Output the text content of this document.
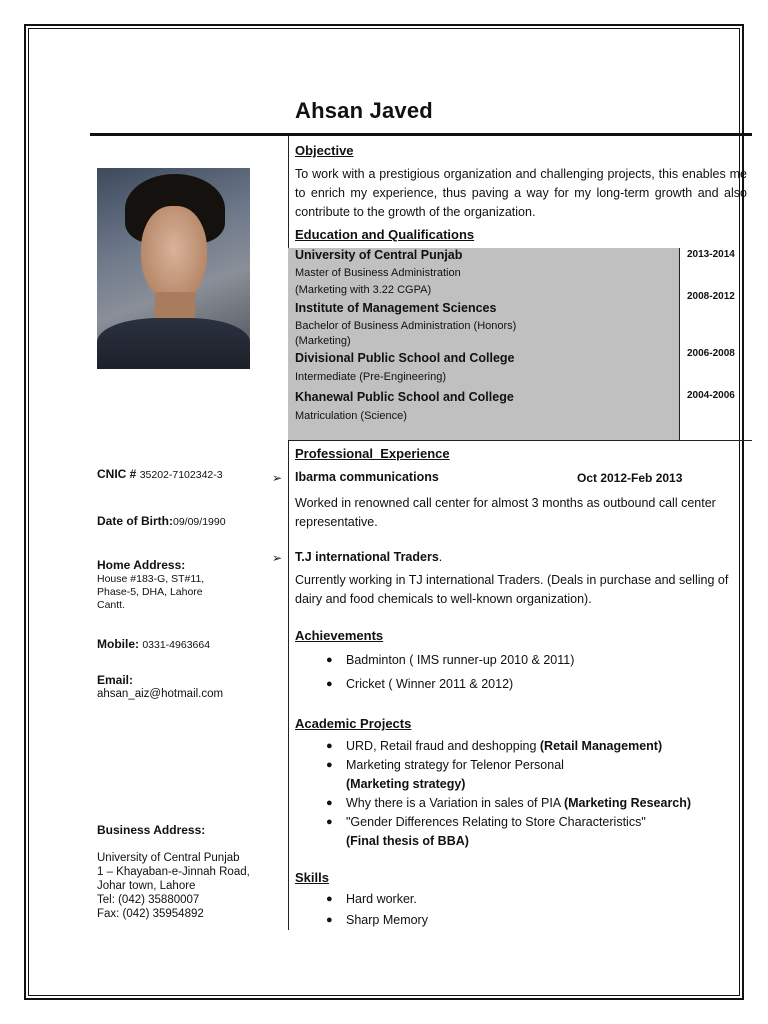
Ahsan Javed
Objective
To work with a prestigious organization and challenging projects, this enables me to enrich my experience, thus paving a way for my long-term growth and also contribute to the growth of the organization.
Education and Qualifications
University of Central Punjab
Master of Business Administration
(Marketing with 3.22 CGPA)
2013-2014
Institute of Management Sciences
Bachelor of Business Administration (Honors)
(Marketing)
2008-2012
Divisional Public School and College
Intermediate (Pre-Engineering)
2006-2008
Khanewal Public School and College
Matriculation (Science)
2004-2006
Professional  Experience
➢ Ibarma communications	Oct 2012-Feb 2013
Worked in renowned call center for almost 3 months as outbound call center representative.
➢ T.J international Traders.
Currently working in TJ international Traders. (Deals in purchase and selling of dairy and food chemicals to well-known organization).
Achievements
● Badminton ( IMS runner-up 2010 & 2011)
● Cricket ( Winner 2011 & 2012)
Academic Projects
● URD, Retail fraud and deshopping (Retail Management)
● Marketing strategy for Telenor Personal
(Marketing strategy)
● Why there is a Variation in sales of PIA (Marketing Research)
● "Gender Differences Relating to Store Characteristics"
(Final thesis of BBA)
Skills
● Hard worker.
● Sharp Memory
CNIC # 35202-7102342-3
Date of Birth:09/09/1990
Home Address:
House #183-G, ST#11,
Phase-5, DHA, Lahore
Cantt.
Mobile: 0331-4963664
Email:
ahsan_aiz@hotmail.com
Business Address:
University of Central Punjab
1 – Khayaban-e-Jinnah Road,
Johar town, Lahore
Tel: (042) 35880007
Fax: (042) 35954892
